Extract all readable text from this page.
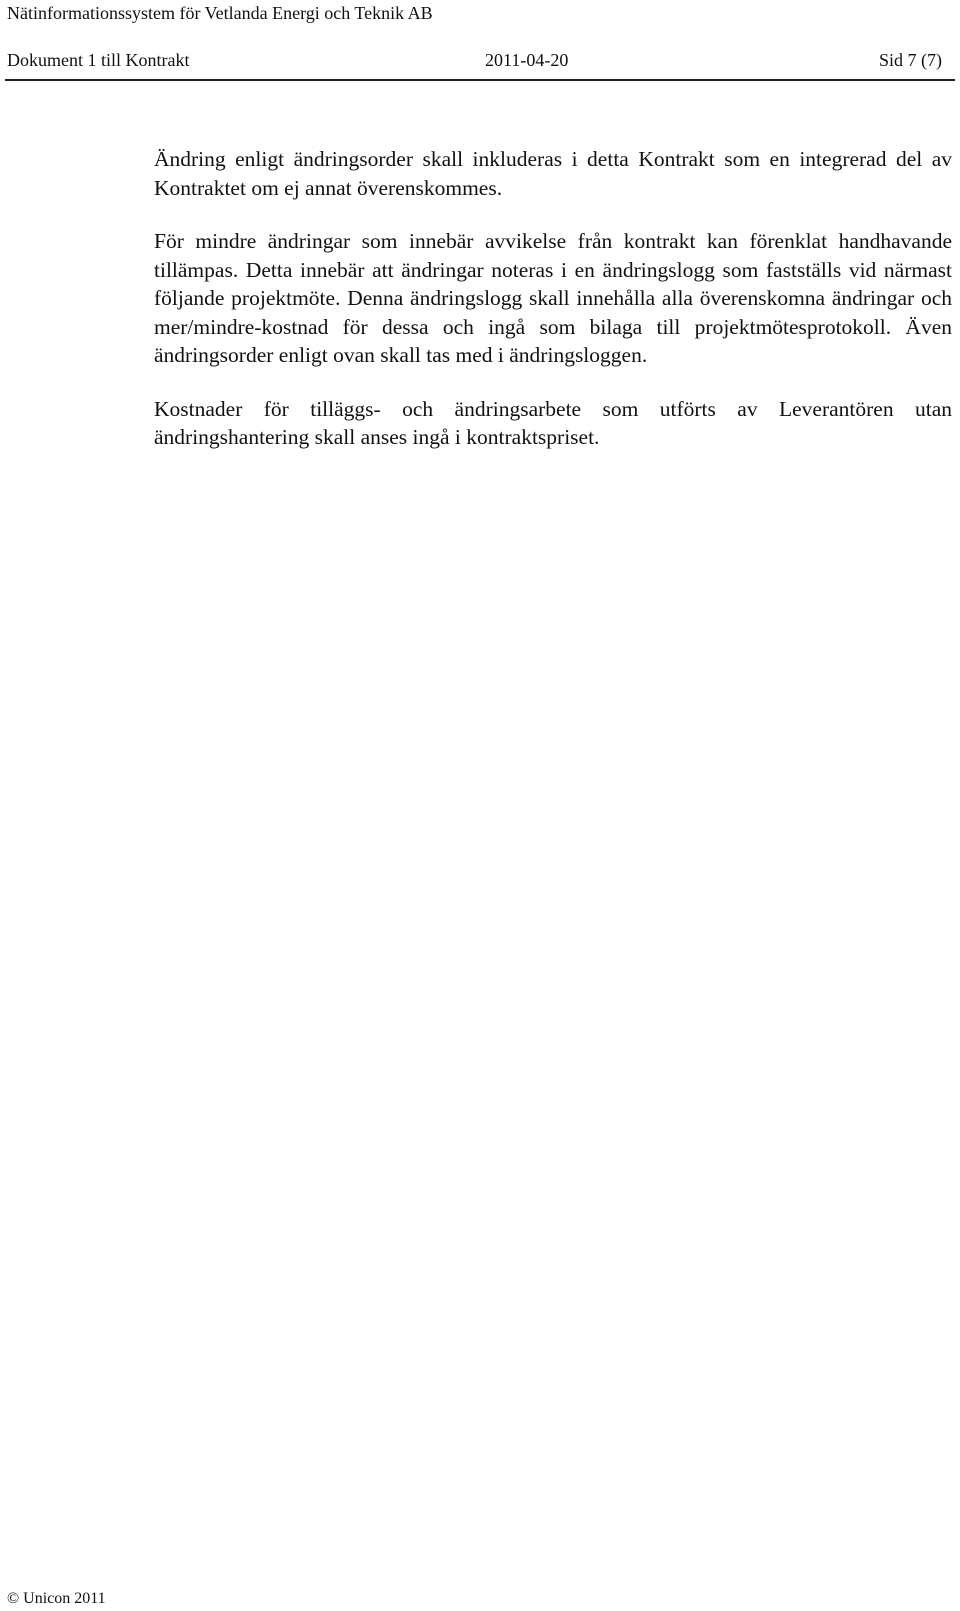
Nätinformationssystem för Vetlanda Energi och Teknik AB
Dokument 1 till Kontrakt	2011-04-20	Sid 7 (7)

Ändring enligt ändringsorder skall inkluderas i detta Kontrakt som en integrerad del av Kontraktet om ej annat överenskommes.

För mindre ändringar som innebär avvikelse från kontrakt kan förenklat handhavande tillämpas. Detta innebär att ändringar noteras i en ändringslogg som fastställs vid närmast följande projektmöte. Denna ändringslogg skall innehålla alla överenskomna ändringar och mer/mindre-kostnad för dessa och ingå som bilaga till projektmötesprotokoll. Även ändringsorder enligt ovan skall tas med i ändringsloggen.

Kostnader för tilläggs- och ändringsarbete som utförts av Leverantören utan ändringshantering skall anses ingå i kontraktspriset.

© Unicon 2011
